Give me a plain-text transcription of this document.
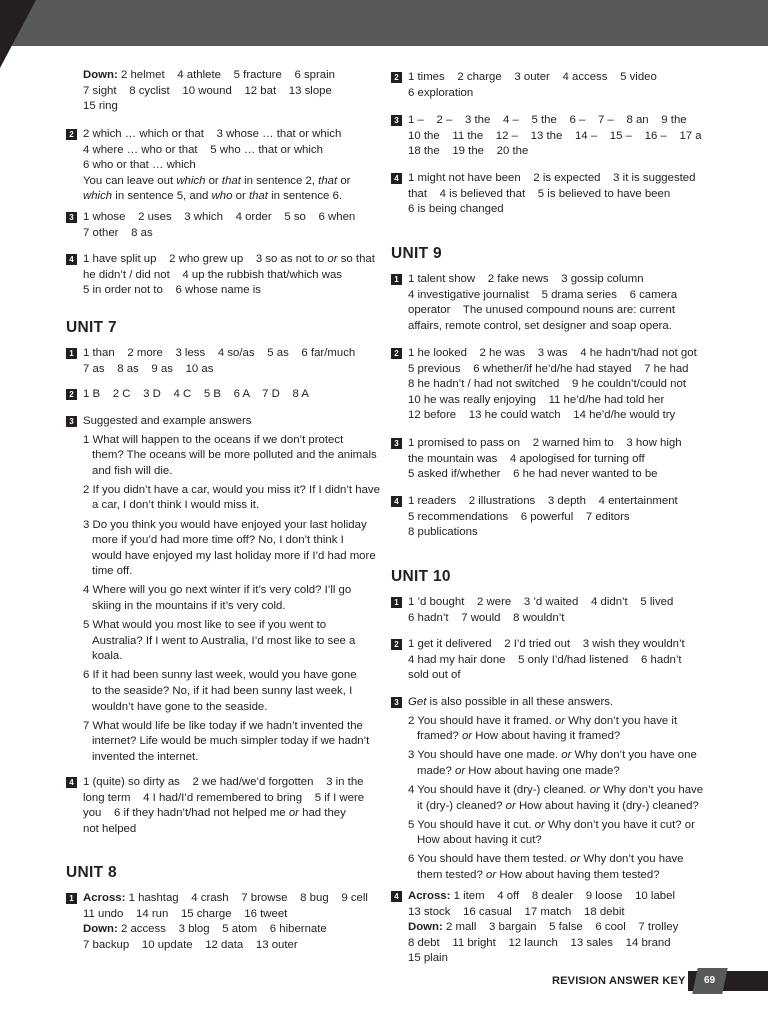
Down: 2 helmet    4 athlete    5 fracture    6 sprain
7 sight    8 cyclist    10 wound    12 bat    13 slope
15 ring
2 2 which … which or that    3 whose … that or which
4 where … who or that    5 who … that or which
6 who or that … which
You can leave out which or that in sentence 2, that or
which in sentence 5, and who or that in sentence 6.
3 1 whose    2 uses    3 which    4 order    5 so    6 when
7 other    8 as
4 1 have split up    2 who grew up    3 so as not to or so that
he didn’t / did not    4 up the rubbish that/which was
5 in order not to    6 whose name is
UNIT 7
1 1 than    2 more    3 less    4 so/as    5 as    6 far/much
7 as    8 as    9 as    10 as
2 1 B    2 C    3 D    4 C    5 B    6 A    7 D    8 A
3 Suggested and example answers
1 What will happen to the oceans if we don’t protect
them? The oceans will be more polluted and the animals
and fish will die.
2 If you didn’t have a car, would you miss it? If I didn’t have
a car, I don’t think I would miss it.
3 Do you think you would have enjoyed your last holiday
more if you’d had more time off? No, I don’t think I
would have enjoyed my last holiday more if I’d had more
time off.
4 Where will you go next winter if it’s very cold? I’ll go
skiing in the mountains if it’s very cold.
5 What would you most like to see if you went to
Australia? If I went to Australia, I’d most like to see a
koala.
6 If it had been sunny last week, would you have gone
to the seaside? No, if it had been sunny last week, I
wouldn’t have gone to the seaside.
7 What would life be like today if we hadn’t invented the
internet? Life would be much simpler today if we hadn’t
invented the internet.
4 1 (quite) so dirty as    2 we had/we’d forgotten    3 in the
long term    4 I had/I’d remembered to bring    5 if I were
you    6 if they hadn’t/had not helped me or had they
not helped
UNIT 8
1 Across: 1 hashtag    4 crash    7 browse    8 bug    9 cell
11 undo    14 run    15 charge    16 tweet
Down: 2 access    3 blog    5 atom    6 hibernate
7 backup    10 update    12 data    13 outer
2 1 times    2 charge    3 outer    4 access    5 video
6 exploration
3 1 –    2 –    3 the    4 –    5 the    6 –    7 –    8 an    9 the
10 the    11 the    12 –    13 the    14 –    15 –    16 –    17 a
18 the    19 the    20 the
4 1 might not have been    2 is expected    3 it is suggested
that    4 is believed that    5 is believed to have been
6 is being changed
UNIT 9
1 1 talent show    2 fake news    3 gossip column
4 investigative journalist    5 drama series    6 camera
operator    The unused compound nouns are: current
affairs, remote control, set designer and soap opera.
2 1 he looked    2 he was    3 was    4 he hadn’t/had not got
5 previous    6 whether/if he’d/he had stayed    7 he had
8 he hadn’t / had not switched    9 he couldn’t/could not
10 he was really enjoying    11 he’d/he had told her
12 before    13 he could watch    14 he’d/he would try
3 1 promised to pass on    2 warned him to    3 how high
the mountain was    4 apologised for turning off
5 asked if/whether    6 he had never wanted to be
4 1 readers    2 illustrations    3 depth    4 entertainment
5 recommendations    6 powerful    7 editors
8 publications
UNIT 10
1 1 ’d bought    2 were    3 ’d waited    4 didn’t    5 lived
6 hadn’t    7 would    8 wouldn’t
2 1 get it delivered    2 I’d tried out    3 wish they wouldn’t
4 had my hair done    5 only I’d/had listened    6 hadn’t
sold out of
3 Get is also possible in all these answers.
2 You should have it framed. or Why don’t you have it
framed? or How about having it framed?
3 You should have one made. or Why don’t you have one
made? or How about having one made?
4 You should have it (dry-) cleaned. or Why don’t you have
it (dry-) cleaned? or How about having it (dry-) cleaned?
5 You should have it cut. or Why don’t you have it cut? or
How about having it cut?
6 You should have them tested. or Why don’t you have
them tested? or How about having them tested?
4 Across: 1 item    4 off    8 dealer    9 loose    10 label
13 stock    16 casual    17 match    18 debit
Down: 2 mall    3 bargain    5 false    6 cool    7 trolley
8 debt    11 bright    12 launch    13 sales    14 brand
15 plain
REVISION ANSWER KEY	69
